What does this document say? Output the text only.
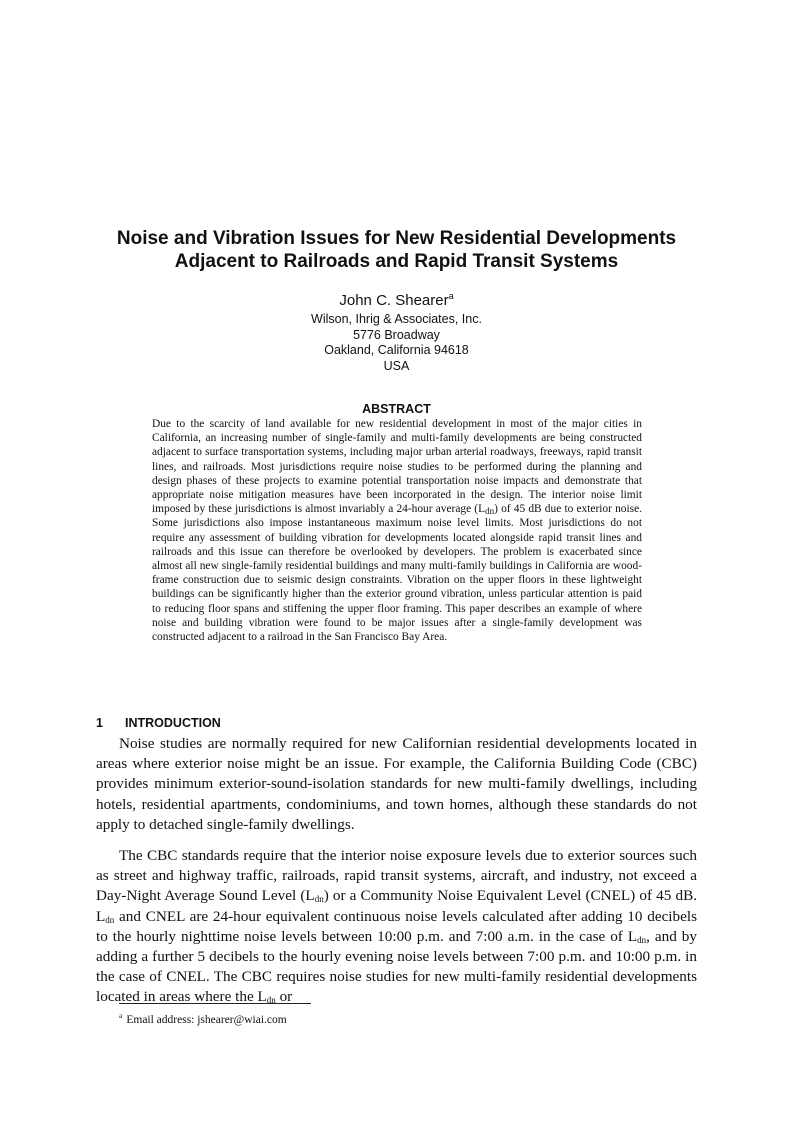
Noise and Vibration Issues for New Residential Developments
Adjacent to Railroads and Rapid Transit Systems
John C. Shearer$^a$
Wilson, Ihrig & Associates, Inc.
5776 Broadway
Oakland, California 94618
USA
ABSTRACT
Due to the scarcity of land available for new residential development in most of the major cities in California, an increasing number of single-family and multi-family developments are being constructed adjacent to surface transportation systems, including major urban arterial roadways, freeways, rapid transit lines, and railroads. Most jurisdictions require noise studies to be performed during the planning and design phases of these projects to examine potential transportation noise impacts and demonstrate that appropriate noise mitigation measures have been incorporated in the design. The interior noise limit imposed by these jurisdictions is almost invariably a 24-hour average $(L_{dn})$ of 45 dB due to exterior noise. Some jurisdictions also impose instantaneous maximum noise level limits. Most jurisdictions do not require any assessment of building vibration for developments located alongside rapid transit lines and railroads and this issue can therefore be overlooked by developers. The problem is exacerbated since almost all new single-family residential buildings and many multi-family buildings in California are wood-frame construction due to seismic design constraints. Vibration on the upper floors in these lightweight buildings can be significantly higher than the exterior ground vibration, unless particular attention is paid to reducing floor spans and stiffening the upper floor framing. This paper describes an example of where noise and building vibration were found to be major issues after a single-family development was constructed adjacent to a railroad in the San Francisco Bay Area.
1 INTRODUCTION

Noise studies are normally required for new Californian residential developments located in areas where exterior noise might be an issue. For example, the California Building Code (CBC) provides minimum exterior-sound-isolation standards for new multi-family dwellings, including hotels, residential apartments, condominiums, and town homes, although these standards do not apply to detached single-family dwellings.

The CBC standards require that the interior noise exposure levels due to exterior sources such as street and highway traffic, railroads, rapid transit systems, aircraft, and industry, not exceed a Day-Night Average Sound Level $(L_{dn})$ or a Community Noise Equivalent Level (CNEL) of 45 dB. $L_{dn}$ and CNEL are 24-hour equivalent continuous noise levels calculated after adding 10 decibels to the hourly nighttime noise levels between 10:00 p.m. and 7:00 a.m. in the case of $L_{dn}$, and by adding a further 5 decibels to the hourly evening noise levels between 7:00 p.m. and 10:00 p.m. in the case of CNEL. The CBC requires noise studies for new multi-family residential developments located in areas where the $L_{dn}$ or

$^a$ Email address: jshearer@wiai.com
